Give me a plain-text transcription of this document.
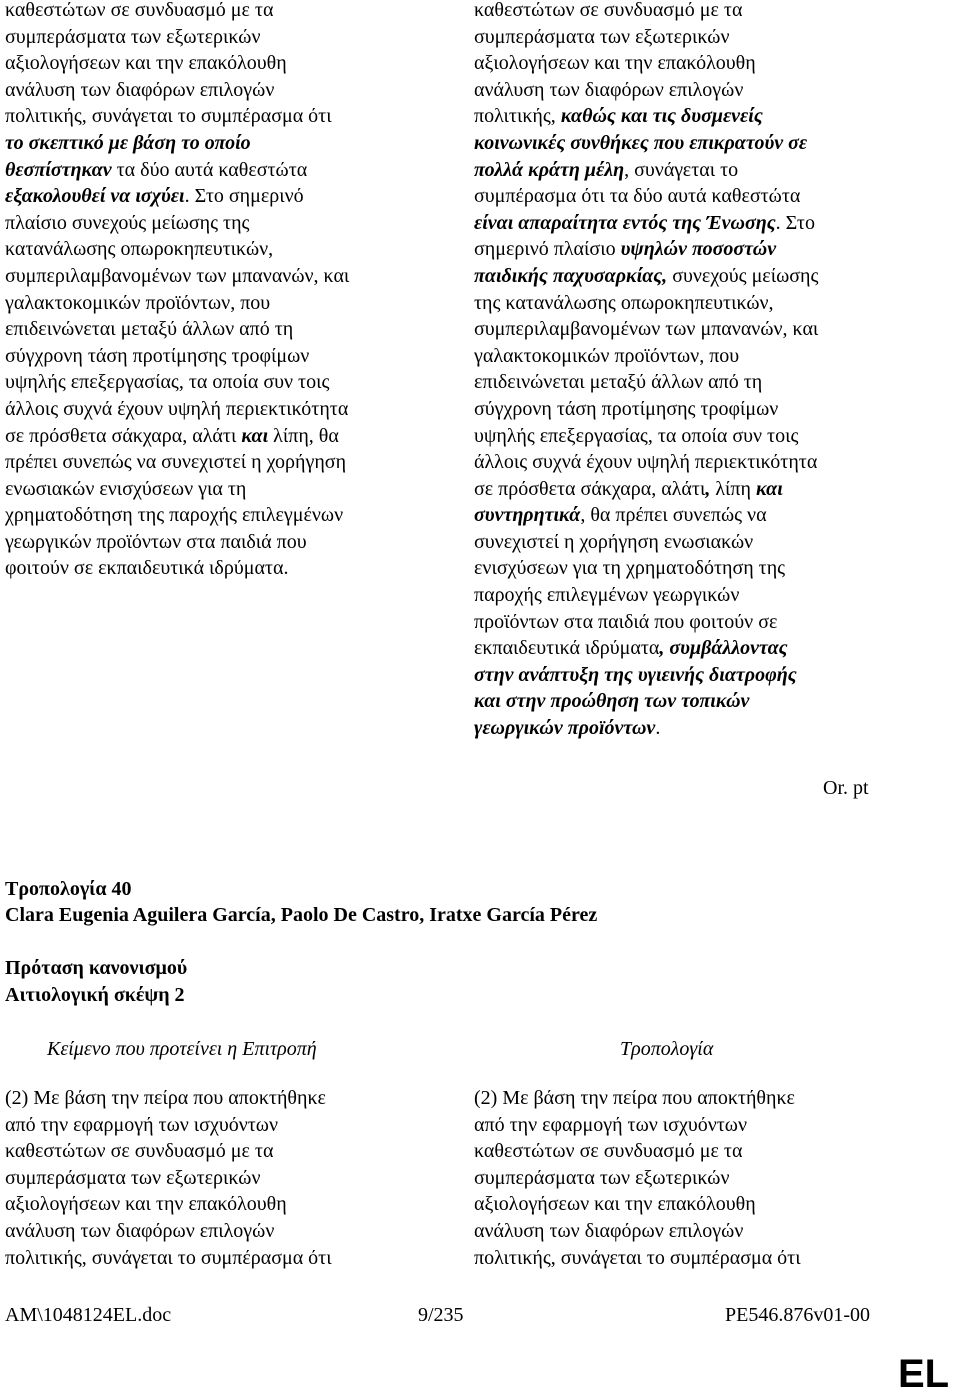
καθεστώτων σε συνδυασμό με τα
συμπεράσματα των εξωτερικών
αξιολογήσεων και την επακόλουθη
ανάλυση των διαφόρων επιλογών
πολιτικής, συνάγεται το συμπέρασμα ότι
το σκεπτικό με βάση το οποίο
θεσπίστηκαν τα δύο αυτά καθεστώτα
εξακολουθεί να ισχύει. Στο σημερινό
πλαίσιο συνεχούς μείωσης της
κατανάλωσης οπωροκηπευτικών,
συμπεριλαμβανομένων των μπανανών, και
γαλακτοκομικών προϊόντων, που
επιδεινώνεται μεταξύ άλλων από τη
σύγχρονη τάση προτίμησης τροφίμων
υψηλής επεξεργασίας, τα οποία συν τοις
άλλοις συχνά έχουν υψηλή περιεκτικότητα
σε πρόσθετα σάκχαρα, αλάτι και λίπη, θα
πρέπει συνεπώς να συνεχιστεί η χορήγηση
ενωσιακών ενισχύσεων για τη
χρηματοδότηση της παροχής επιλεγμένων
γεωργικών προϊόντων στα παιδιά που
φοιτούν σε εκπαιδευτικά ιδρύματα.
καθεστώτων σε συνδυασμό με τα
συμπεράσματα των εξωτερικών
αξιολογήσεων και την επακόλουθη
ανάλυση των διαφόρων επιλογών
πολιτικής, καθώς και τις δυσμενείς
κοινωνικές συνθήκες που επικρατούν σε
πολλά κράτη μέλη, συνάγεται το
συμπέρασμα ότι τα δύο αυτά καθεστώτα
είναι απαραίτητα εντός της Ένωσης. Στο
σημερινό πλαίσιο υψηλών ποσοστών
παιδικής παχυσαρκίας, συνεχούς μείωσης
της κατανάλωσης οπωροκηπευτικών,
συμπεριλαμβανομένων των μπανανών, και
γαλακτοκομικών προϊόντων, που
επιδεινώνεται μεταξύ άλλων από τη
σύγχρονη τάση προτίμησης τροφίμων
υψηλής επεξεργασίας, τα οποία συν τοις
άλλοις συχνά έχουν υψηλή περιεκτικότητα
σε πρόσθετα σάκχαρα, αλάτι, λίπη και
συντηρητικά, θα πρέπει συνεπώς να
συνεχιστεί η χορήγηση ενωσιακών
ενισχύσεων για τη χρηματοδότηση της
παροχής επιλεγμένων γεωργικών
προϊόντων στα παιδιά που φοιτούν σε
εκπαιδευτικά ιδρύματα, συμβάλλοντας
στην ανάπτυξη της υγιεινής διατροφής
και στην προώθηση των τοπικών
γεωργικών προϊόντων.
Or. pt
Τροπολογία 40
Clara Eugenia Aguilera García, Paolo De Castro, Iratxe García Pérez
Πρόταση κανονισμού
Αιτιολογική σκέψη 2
Κείμενο που προτείνει η Επιτροπή	Τροπολογία
(2) Με βάση την πείρα που αποκτήθηκε
από την εφαρμογή των ισχυόντων
καθεστώτων σε συνδυασμό με τα
συμπεράσματα των εξωτερικών
αξιολογήσεων και την επακόλουθη
ανάλυση των διαφόρων επιλογών
πολιτικής, συνάγεται το συμπέρασμα ότι
(2) Με βάση την πείρα που αποκτήθηκε
από την εφαρμογή των ισχυόντων
καθεστώτων σε συνδυασμό με τα
συμπεράσματα των εξωτερικών
αξιολογήσεων και την επακόλουθη
ανάλυση των διαφόρων επιλογών
πολιτικής, συνάγεται το συμπέρασμα ότι
AM\1048124EL.doc	9/235	PE546.876v01-00
EL
